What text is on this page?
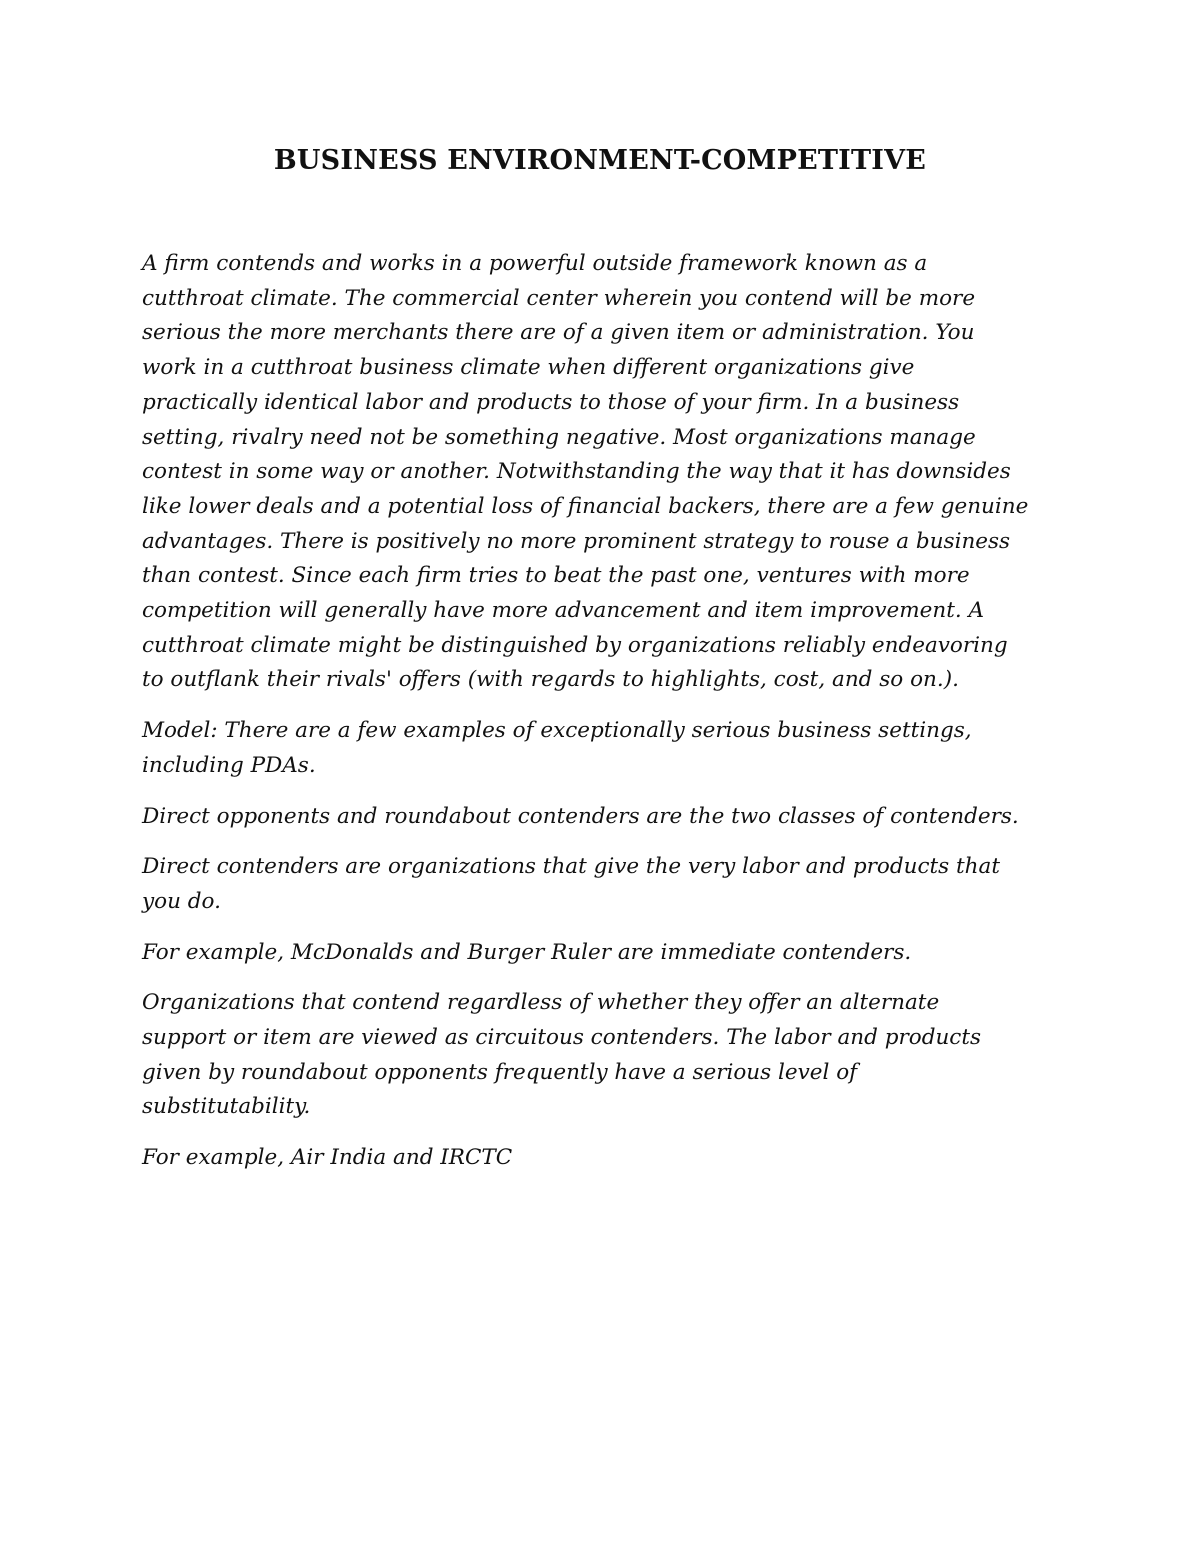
BUSINESS ENVIRONMENT-COMPETITIVE

A firm contends and works in a powerful outside framework known as a
cutthroat climate. The commercial center wherein you contend will be more
serious the more merchants there are of a given item or administration. You
work in a cutthroat business climate when different organizations give
practically identical labor and products to those of your firm. In a business
setting, rivalry need not be something negative. Most organizations manage
contest in some way or another. Notwithstanding the way that it has downsides
like lower deals and a potential loss of financial backers, there are a few genuine
advantages. There is positively no more prominent strategy to rouse a business
than contest. Since each firm tries to beat the past one, ventures with more
competition will generally have more advancement and item improvement. A
cutthroat climate might be distinguished by organizations reliably endeavoring
to outflank their rivals' offers (with regards to highlights, cost, and so on.).

Model: There are a few examples of exceptionally serious business settings,
including PDAs.

Direct opponents and roundabout contenders are the two classes of contenders.

Direct contenders are organizations that give the very labor and products that
you do.

For example, McDonalds and Burger Ruler are immediate contenders.

Organizations that contend regardless of whether they offer an alternate
support or item are viewed as circuitous contenders. The labor and products
given by roundabout opponents frequently have a serious level of
substitutability.

For example, Air India and IRCTC
